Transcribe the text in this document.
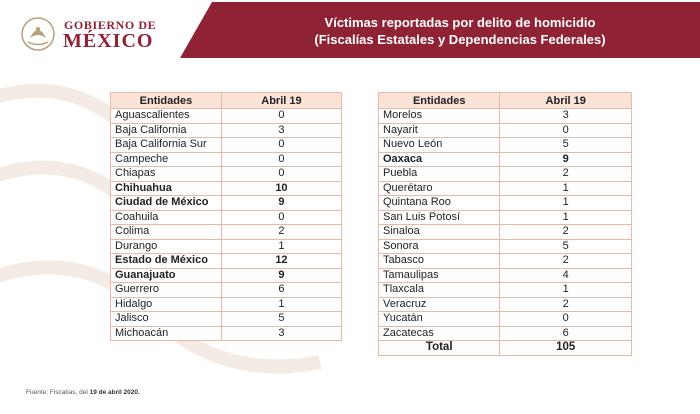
GOBIERNO DE
MÉXICO
Víctimas reportadas por delito de homicidio
(Fiscalías Estatales y Dependencias Federales)
Entidades	Abril 19
Aguascalientes	0
Baja California	3
Baja California Sur	0
Campeche	0
Chiapas	0
Chihuahua	10
Ciudad de México	9
Coahuila	0
Colima	2
Durango	1
Estado de México	12
Guanajuato	9
Guerrero	6
Hidalgo	1
Jalisco	5
Michoacán	3
Entidades	Abril 19
Morelos	3
Nayarit	0
Nuevo León	5
Oaxaca	9
Puebla	2
Querétaro	1
Quintana Roo	1
San Luis Potosí	1
Sinaloa	2
Sonora	5
Tabasco	2
Tamaulipas	4
Tlaxcala	1
Veracruz	2
Yucatán	0
Zacatecas	6
Total	105
Fuente: Fiscalías, del 19 de abril 2020.
